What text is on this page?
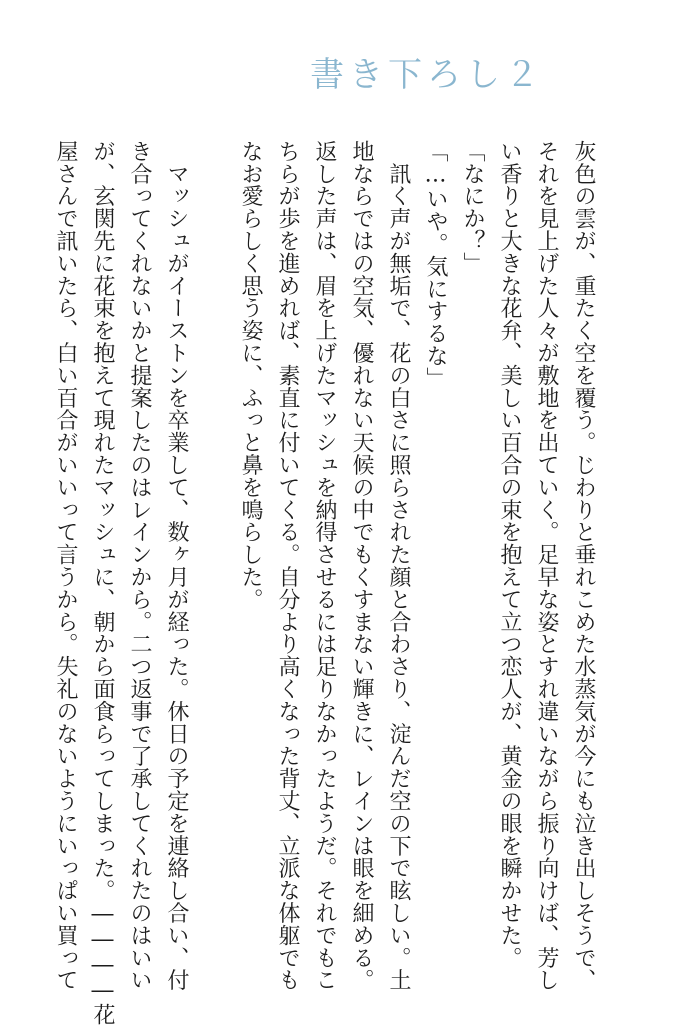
書き下ろし２
灰色の雲が、重たく空を覆う。じわりと垂れこめた水蒸気が今にも泣き出しそうで、
それを見上げた人々が敷地を出ていく。足早な姿とすれ違いながら振り向けば、芳し
い香りと大きな花弁、美しい百合の束を抱えて立つ恋人が、黄金の眼を瞬かせた。
「なにか？」
「…いや。気にするな」
　訊く声が無垢で、花の白さに照らされた顔と合わさり、淀んだ空の下で眩しい。土
地ならではの空気、優れない天候の中でもくすまない輝きに、レインは眼を細める。
返した声は、眉を上げたマッシュを納得させるには足りなかったようだ。それでもこ
ちらが歩を進めれば、素直に付いてくる。自分より高くなった背丈、立派な体躯でも
なお愛らしく思う姿に、ふっと鼻を鳴らした。
　マッシュがイーストンを卒業して、数ヶ月が経った。休日の予定を連絡し合い、付
き合ってくれないかと提案したのはレインから。二つ返事で了承してくれたのはいい
が、玄関先に花束を抱えて現れたマッシュに、朝から面食らってしまった。――――花
屋さんで訊いたら、白い百合がいいって言うから。失礼のないようにいっぱい買って
